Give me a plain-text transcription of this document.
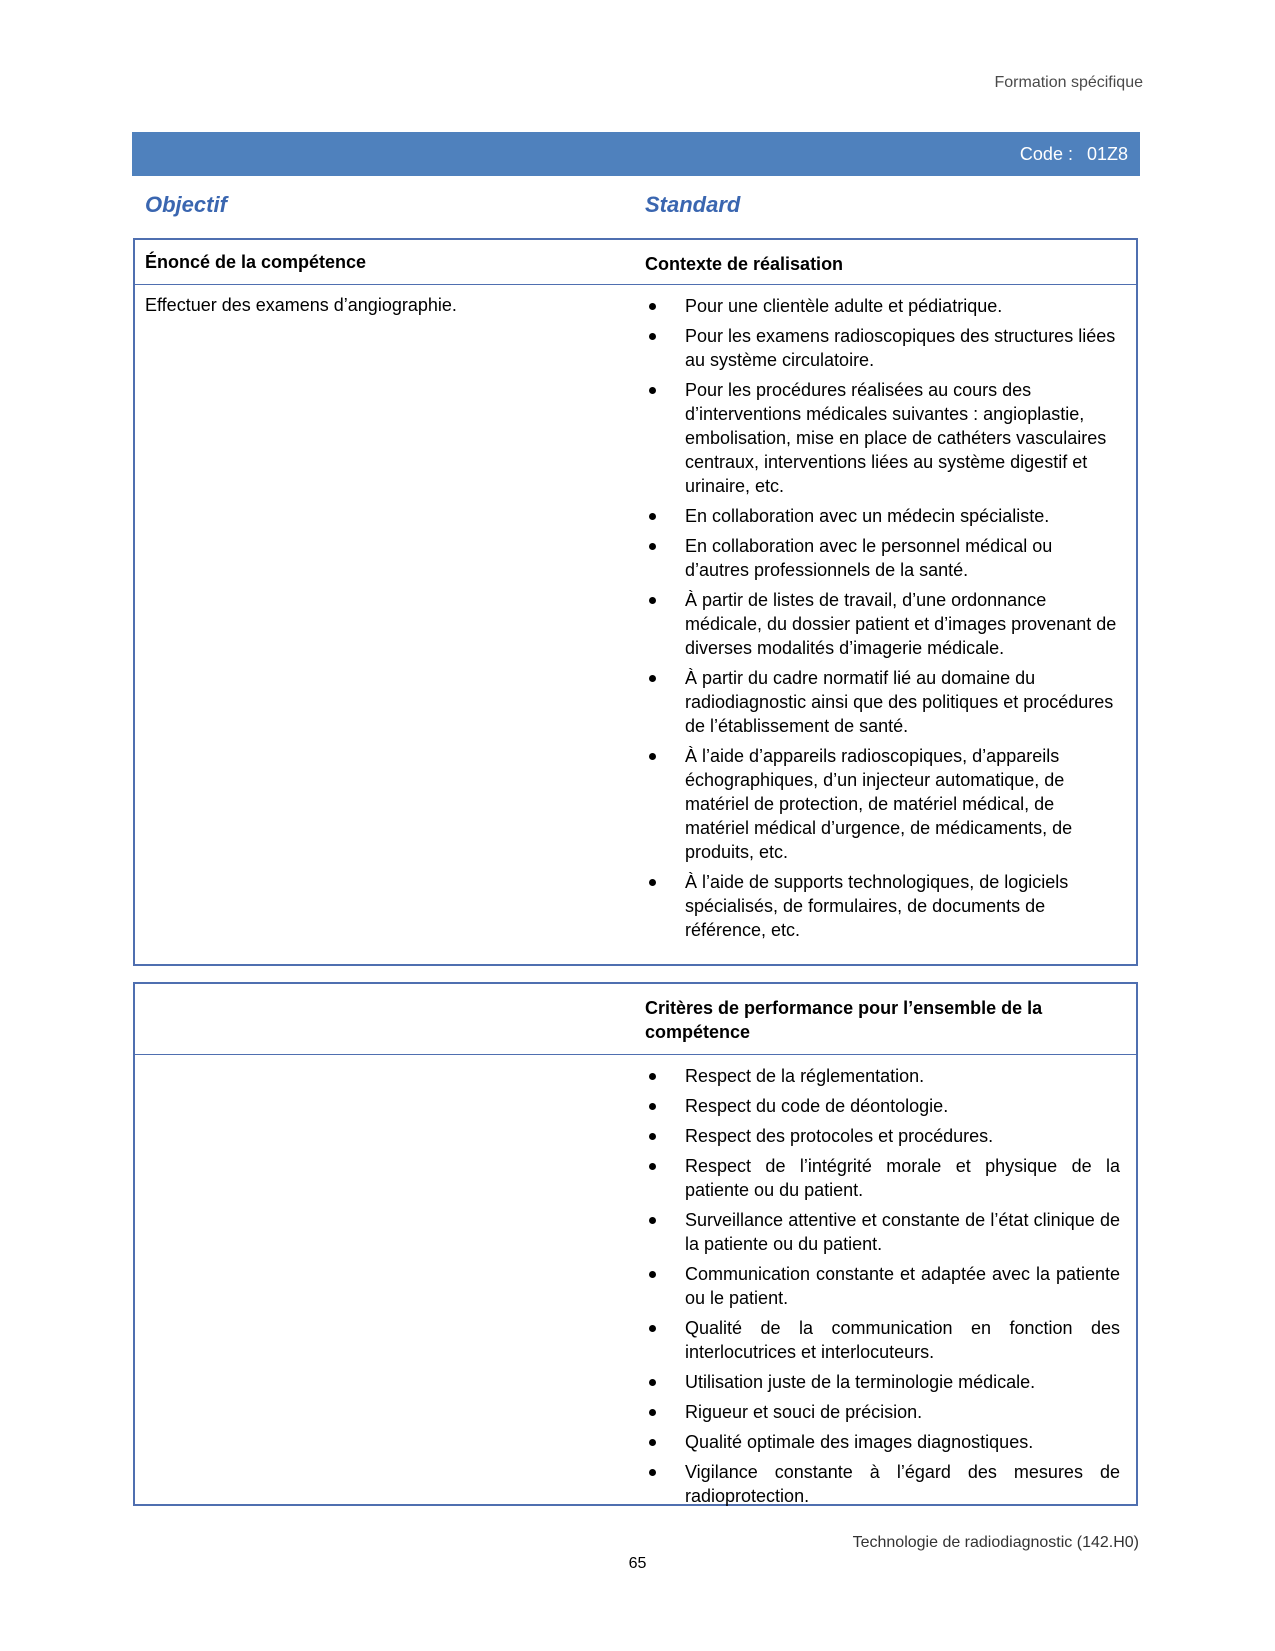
Formation spécifique
Code : 01Z8
Objectif	Standard
Énoncé de la compétence	Contexte de réalisation
Effectuer des examens d’angiographie.	Pour une clientèle adulte et pédiatrique.
Pour les examens radioscopiques des structures liées au système circulatoire.
Pour les procédures réalisées au cours des d’interventions médicales suivantes : angioplastie, embolisation, mise en place de cathéters vasculaires centraux, interventions liées au système digestif et urinaire, etc.
En collaboration avec un médecin spécialiste.
En collaboration avec le personnel médical ou d’autres professionnels de la santé.
À partir de listes de travail, d’une ordonnance médicale, du dossier patient et d’images provenant de diverses modalités d’imagerie médicale.
À partir du cadre normatif lié au domaine du radiodiagnostic ainsi que des politiques et procédures de l’établissement de santé.
À l’aide d’appareils radioscopiques, d’appareils échographiques, d’un injecteur automatique, de matériel de protection, de matériel médical, de matériel médical d’urgence, de médicaments, de produits, etc.
À l’aide de supports technologiques, de logiciels spécialisés, de formulaires, de documents de référence, etc.
Critères de performance pour l’ensemble de la compétence
Respect de la réglementation.
Respect du code de déontologie.
Respect des protocoles et procédures.
Respect de l’intégrité morale et physique de la patiente ou du patient.
Surveillance attentive et constante de l’état clinique de la patiente ou du patient.
Communication constante et adaptée avec la patiente ou le patient.
Qualité de la communication en fonction des interlocutrices et interlocuteurs.
Utilisation juste de la terminologie médicale.
Rigueur et souci de précision.
Qualité optimale des images diagnostiques.
Vigilance constante à l’égard des mesures de radioprotection.
Technologie de radiodiagnostic (142.H0)
65
